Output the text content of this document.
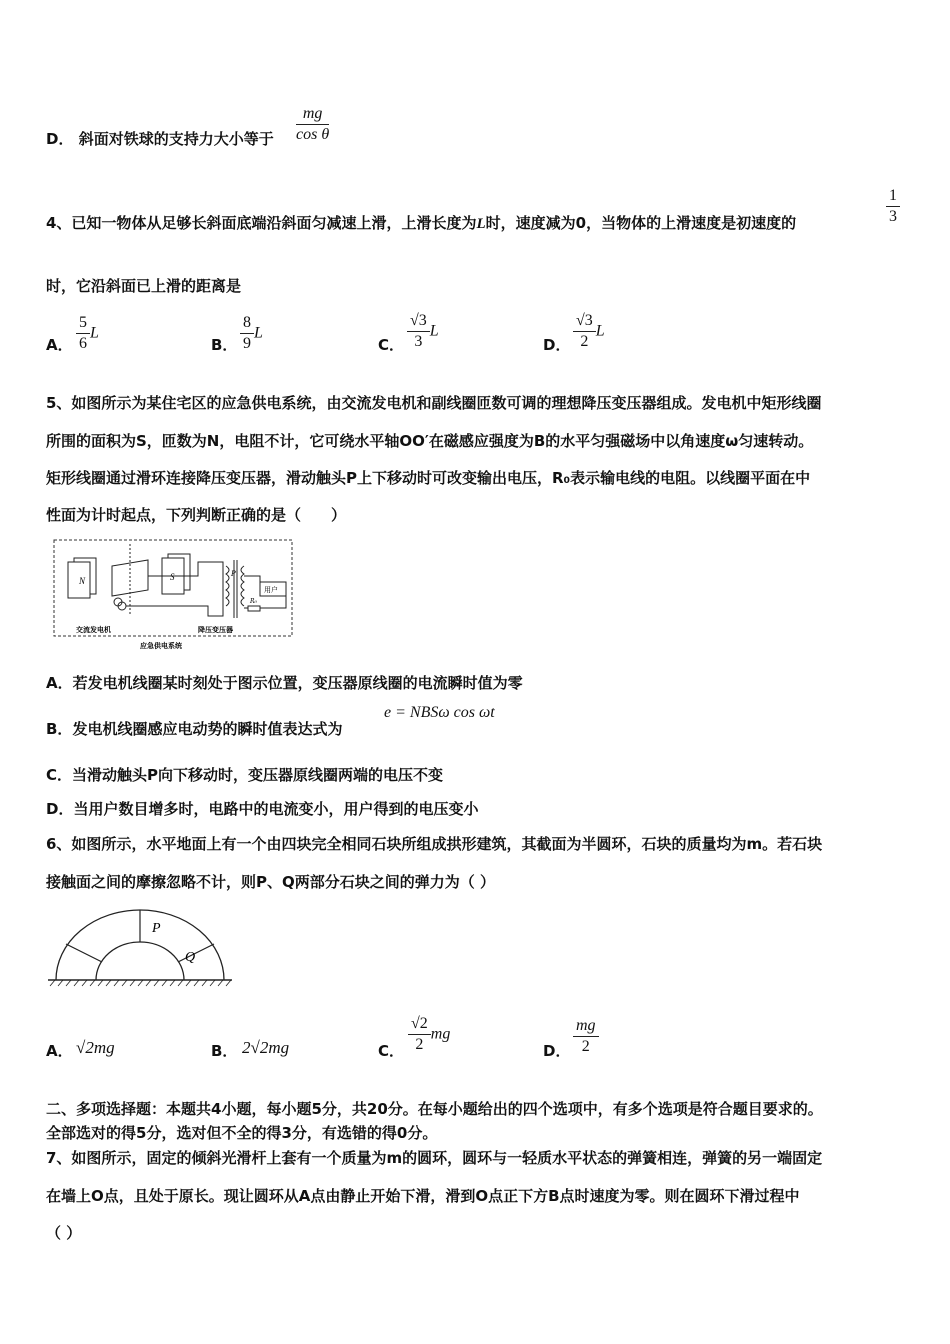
D． 斜面对铁球的支持力大小等于 $\frac{mg}{\text{cos θ}}$
4、已知一物体从足够长斜面底端沿斜面匀减速上滑，上滑长度为L时，速度减为0，当物体的上滑速度是初速度的	$\frac{1}{3}$
时，它沿斜面已上滑的距离是
A． $\frac{5}{6}$ L
B． $\frac{8}{9}$ L
C． $\frac{√3}{3}$ L
D． $\frac{√3}{2}$ L
5、如图所示为某住宅区的应急供电系统，由交流发电机和副线圈匝数可调的理想降压变压器组成。发电机中矩形线圈
所围的面积为S，匝数为N，电阻不计，它可绕水平轴OO′在磁感应强度为B的水平匀强磁场中以角速度ω匀速转动。
矩形线圈通过滑环连接降压变压器，滑动触头P上下移动时可改变输出电压，R₀表示输电线的电阻。以线圈平面在中
性面为计时起点，下列判断正确的是（　　）
N	S	P
用户
R₀
交流发电机	降压变压器
应急供电系统
A．若发电机线圈某时刻处于图示位置，变压器原线圈的电流瞬时值为零
B．发电机线圈感应电动势的瞬时值表达式为
e = NBSω cos ωt
C．当滑动触头P向下移动时，变压器原线圈两端的电压不变
D．当用户数目增多时，电路中的电流变小，用户得到的电压变小
6、如图所示，水平地面上有一个由四块完全相同石块所组成拱形建筑，其截面为半圆环，石块的质量均为m。若石块
接触面之间的摩擦忽略不计，则P、Q两部分石块之间的弹力为（ ）
P
Q
A． √2mg	B． 2√2mg	C． $\frac{√2}{2}$ mg
D． $\frac{mg}{2}$
二、多项选择题：本题共4小题，每小题5分，共20分。在每小题给出的四个选项中，有多个选项是符合题目要求的。
全部选对的得5分，选对但不全的得3分，有选错的得0分。
7、如图所示，固定的倾斜光滑杆上套有一个质量为m的圆环，圆环与一轻质水平状态的弹簧相连，弹簧的另一端固定
在墙上O点，且处于原长。现让圆环从A点由静止开始下滑，滑到O点正下方B点时速度为零。则在圆环下滑过程中
（ ）
